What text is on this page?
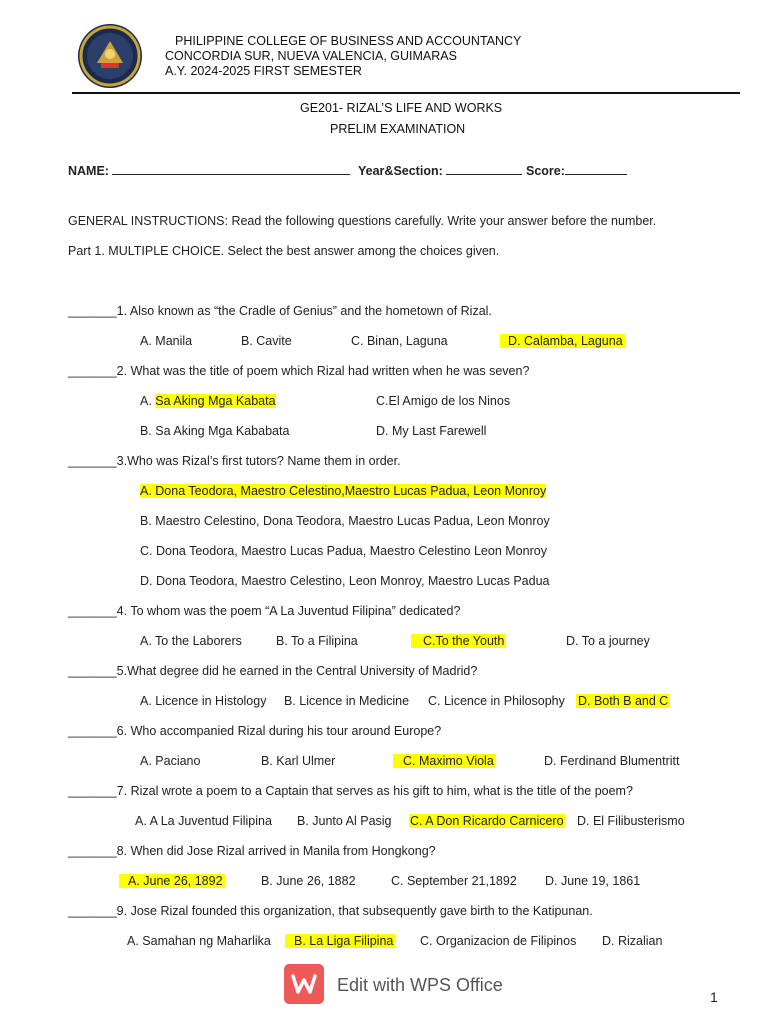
PHILIPPINE COLLEGE OF BUSINESS AND ACCOUNTANCY
CONCORDIA SUR, NUEVA VALENCIA, GUIMARAS
A.Y. 2024-2025 FIRST SEMESTER
GE201- RIZAL’S LIFE AND WORKS
PRELIM EXAMINATION
NAME:	Year&Section:	Score:
GENERAL INSTRUCTIONS: Read the following questions carefully. Write your answer before the number.
Part 1. MULTIPLE CHOICE. Select the best answer among the choices given.
_______1. Also known as “the Cradle of Genius” and the hometown of Rizal.
A. Manila	B. Cavite	C. Binan, Laguna	D. Calamba, Laguna
_______2. What was the title of poem which Rizal had written when he was seven?
A. Sa Aking Mga Kabata	C.El Amigo de los Ninos
B. Sa Aking Mga Kababata	D. My Last Farewell
_______3.Who was Rizal’s first tutors? Name them in order.
A. Dona Teodora, Maestro Celestino,Maestro Lucas Padua, Leon Monroy
B. Maestro Celestino, Dona Teodora, Maestro Lucas Padua, Leon Monroy
C. Dona Teodora, Maestro Lucas Padua, Maestro Celestino Leon Monroy
D. Dona Teodora, Maestro Celestino, Leon Monroy, Maestro Lucas Padua
_______4. To whom was the poem “A La Juventud Filipina” dedicated?
A. To the Laborers	B. To a Filipina	C.To the Youth	D. To a journey
_______5.What degree did he earned in the Central University of Madrid?
A. Licence in Histology B. Licence in Medicine C. Licence in Philosophy D. Both B and C
_______6. Who accompanied Rizal during his tour around Europe?
A. Paciano	B. Karl Ulmer	C. Maximo Viola	D. Ferdinand Blumentritt
_______7. Rizal wrote a poem to a Captain that serves as his gift to him, what is the title of the poem?
A. A La Juventud Filipina B. Junto Al Pasig C. A Don Ricardo Carnicero D. El Filibusterismo
_______8. When did Jose Rizal arrived in Manila from Hongkong?
A. June 26, 1892	B. June 26, 1882	C. September 21,1892 D. June 19, 1861
_______9. Jose Rizal founded this organization, that subsequently gave birth to the Katipunan.
A. Samahan ng Maharlika	B. La Liga Filipina C. Organizacion de Filipinos D. Rizalian
Edit with WPS Office
1
